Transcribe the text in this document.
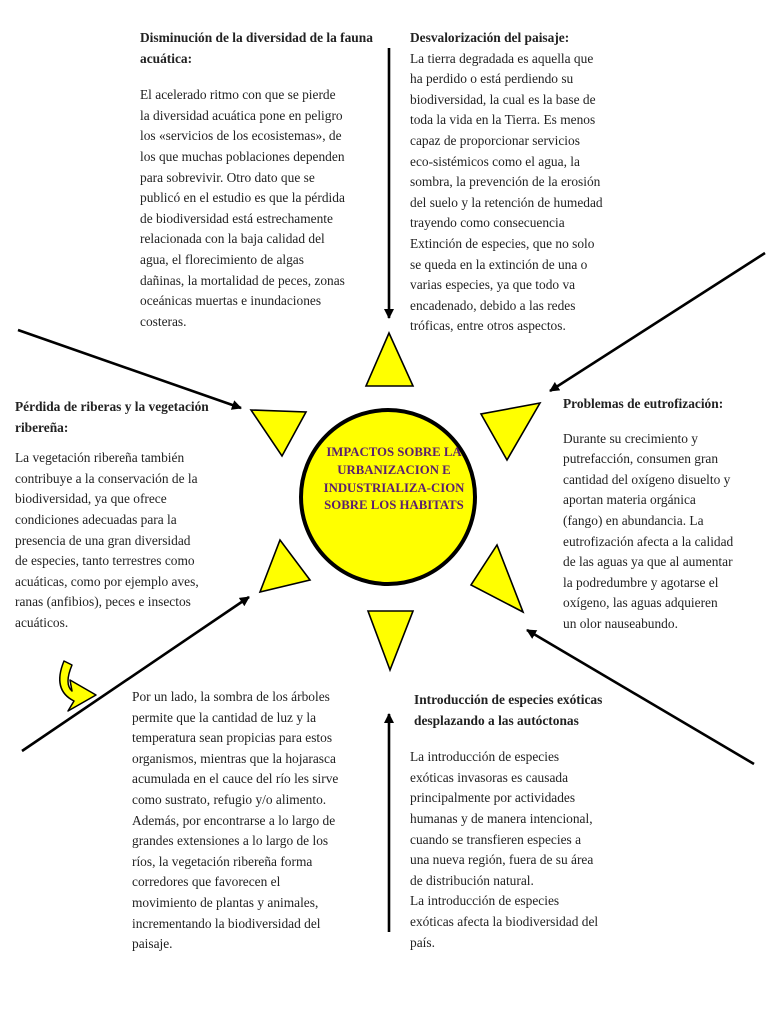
IMPACTOS SOBRE LA URBANIZACION E INDUSTRIALIZA-CION SOBRE LOS HABITATS

Disminución de la diversidad de la fauna acuática:

El acelerado ritmo con que se pierde
la diversidad acuática pone en peligro
los «servicios de los ecosistemas», de
los que muchas poblaciones dependen
para sobrevivir. Otro dato que se
publicó en el estudio es que la pérdida
de biodiversidad está estrechamente
relacionada con la baja calidad del
agua, el florecimiento de algas
dañinas, la mortalidad de peces, zonas
oceánicas muertas e inundaciones
costeras.

Desvalorización del paisaje:

La tierra degradada es aquella que
ha perdido o está perdiendo su
biodiversidad, la cual es la base de
toda la vida en la Tierra. Es menos
capaz de proporcionar servicios
eco-sistémicos como el agua, la
sombra, la prevención de la erosión
del suelo y la retención de humedad
trayendo como consecuencia
Extinción de especies, que no solo
se queda en la extinción de una o
varias especies, ya que todo va
encadenado, debido a las redes
tróficas, entre otros aspectos.

Pérdida de riberas y la vegetación ribereña:

La vegetación ribereña también
contribuye a la conservación de la
biodiversidad, ya que ofrece
condiciones adecuadas para la
presencia de una gran diversidad
de especies, tanto terrestres como
acuáticas, como por ejemplo aves,
ranas (anfibios), peces e insectos
acuáticos.

Problemas de eutrofización:

Durante su crecimiento y
putrefacción, consumen gran
cantidad del oxígeno disuelto y
aportan materia orgánica
(fango) en abundancia. La
eutrofización afecta a la calidad
de las aguas ya que al aumentar
la podredumbre y agotarse el
oxígeno, las aguas adquieren
un olor nauseabundo.

Por un lado, la sombra de los árboles
permite que la cantidad de luz y la
temperatura sean propicias para estos
organismos, mientras que la hojarasca
acumulada en el cauce del río les sirve
como sustrato, refugio y/o alimento.
Además, por encontrarse a lo largo de
grandes extensiones a lo largo de los
ríos, la vegetación ribereña forma
corredores que favorecen el
movimiento de plantas y animales,
incrementando la biodiversidad del
paisaje.

Introducción de especies exóticas desplazando a las autóctonas

La introducción de especies
exóticas invasoras es causada
principalmente por actividades
humanas y de manera intencional,
cuando se transfieren especies a
una nueva región, fuera de su área
de distribución natural.
La introducción de especies
exóticas afecta la biodiversidad del
país.
